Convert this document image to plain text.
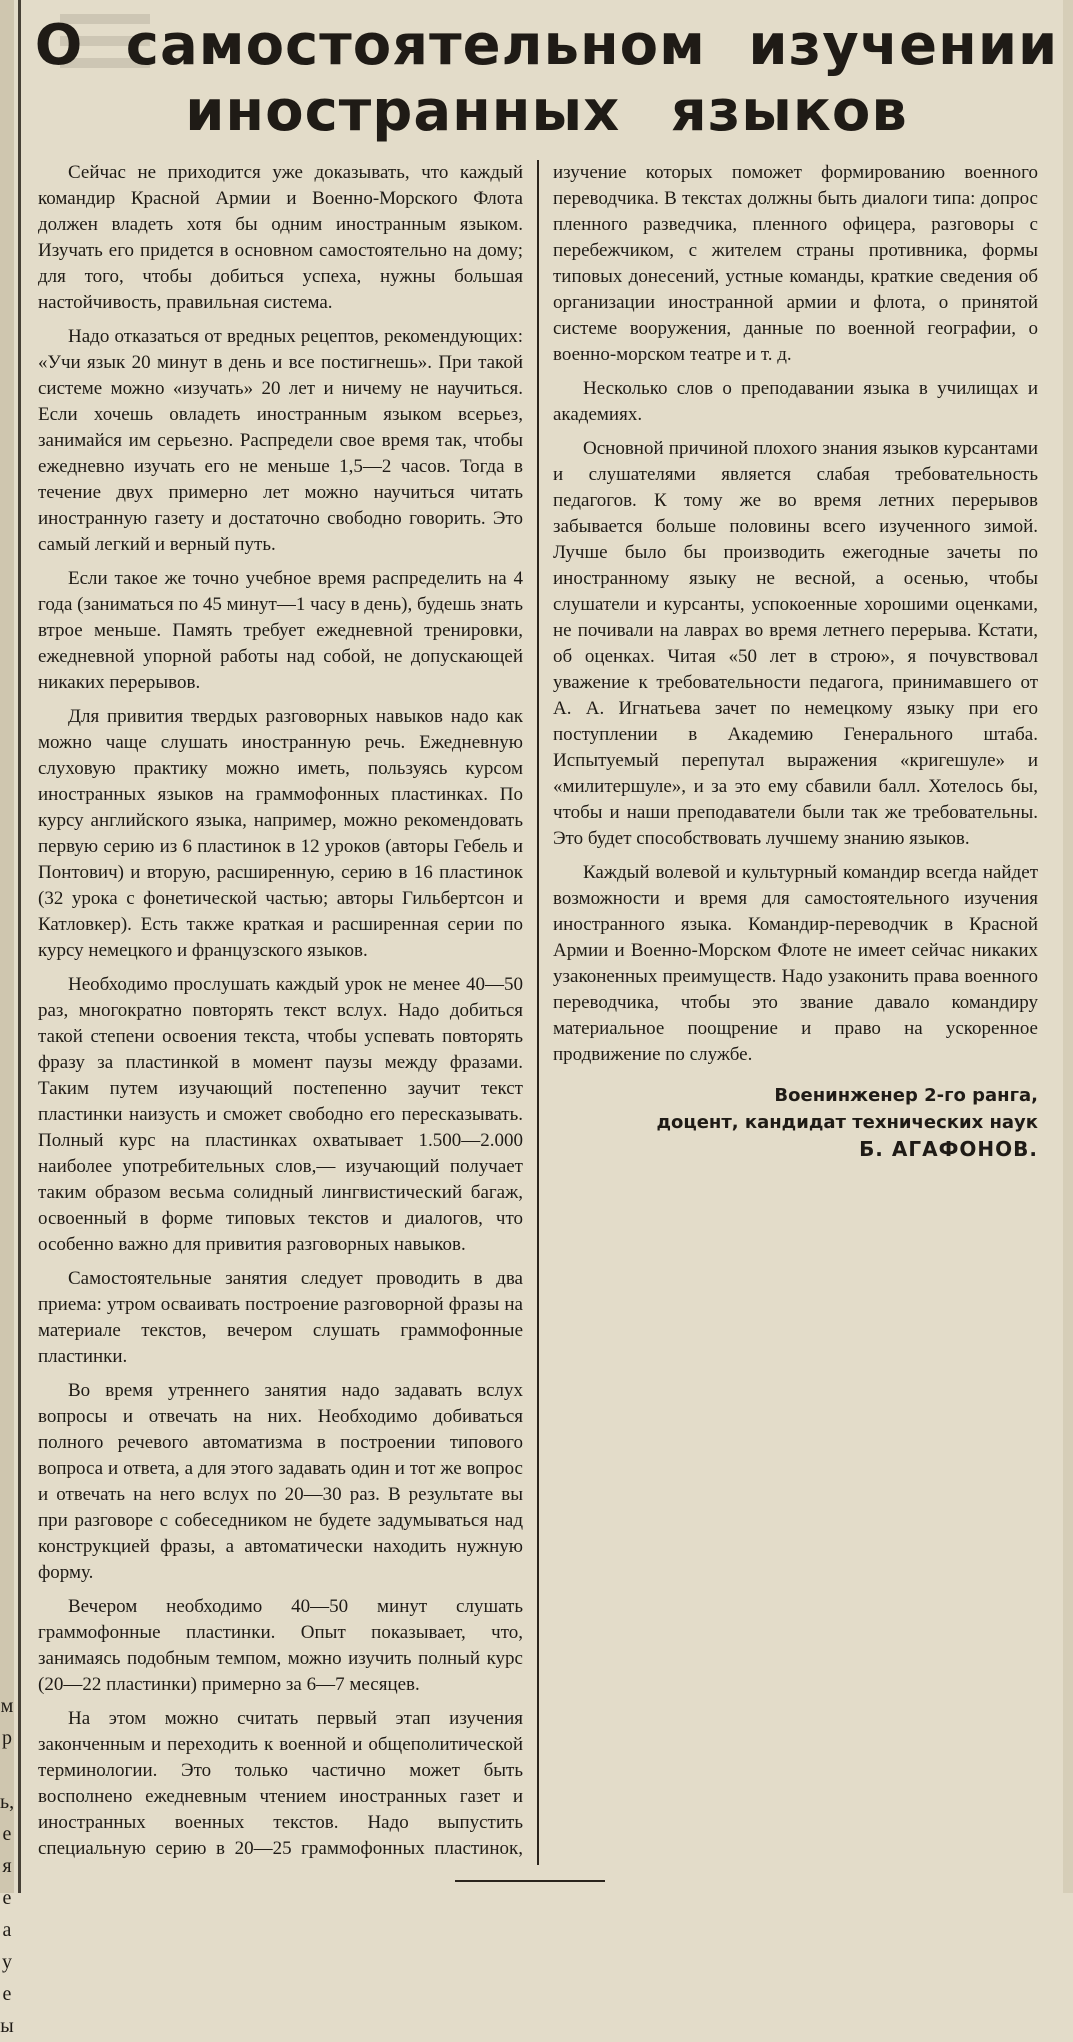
О самостоятельном изучении
иностранных языков

Сейчас не приходится уже доказывать, что каждый командир Красной Армии и Военно-Морского Флота должен владеть хотя бы одним иностранным языком. Изучать его придется в основном самостоятельно на дому; для того, чтобы добиться успеха, нужны большая настойчивость, правильная система.

Надо отказаться от вредных рецептов, рекомендующих: «Учи язык 20 минут в день и все постигнешь». При такой системе можно «изучать» 20 лет и ничему не научиться. Если хочешь овладеть иностранным языком всерьез, занимайся им серьезно. Распредели свое время так, чтобы ежедневно изучать его не меньше 1,5—2 часов. Тогда в течение двух примерно лет можно научиться читать иностранную газету и достаточно свободно говорить. Это самый легкий и верный путь.

Если такое же точно учебное время распределить на 4 года (заниматься по 45 минут—1 часу в день), будешь знать втрое меньше. Память требует ежедневной тренировки, ежедневной упорной работы над собой, не допускающей никаких перерывов.

Для привития твердых разговорных навыков надо как можно чаще слушать иностранную речь. Ежедневную слуховую практику можно иметь, пользуясь курсом иностранных языков на граммофонных пластинках. По курсу английского языка, например, можно рекомендовать первую серию из 6 пластинок в 12 уроков (авторы Гебель и Понтович) и вторую, расширенную, серию в 16 пластинок (32 урока с фонетической частью; авторы Гильбертсон и Катловкер). Есть также краткая и расширенная серии по курсу немецкого и французского языков.

Необходимо прослушать каждый урок не менее 40—50 раз, многократно повторять текст вслух. Надо добиться такой степени освоения текста, чтобы успевать повторять фразу за пластинкой в момент паузы между фразами. Таким путем изучающий постепенно заучит текст пластинки наизусть и сможет свободно его пересказывать. Полный курс на пластинках охватывает 1.500—2.000 наиболее употребительных слов,— изучающий получает таким образом весьма солидный лингвистический багаж, освоенный в форме типовых текстов и диалогов, что особенно важно для привития разговорных навыков.

Самостоятельные занятия следует проводить в два приема: утром осваивать построение разговорной фразы на материале текстов, вечером слушать граммофонные пластинки.

Во время утреннего занятия надо задавать вслух вопросы и отвечать на них. Необходимо добиваться полного речевого автоматизма в построении типового вопроса и ответа, а для этого задавать один и тот же вопрос и отвечать на него вслух по 20—30 раз. В результате вы при разговоре с собеседником не будете задумываться над конструкцией фразы, а автоматически находить нужную форму.

Вечером необходимо 40—50 минут слушать граммофонные пластинки. Опыт показывает, что, занимаясь подобным темпом, можно изучить полный курс (20—22 пластинки) примерно за 6—7 месяцев.

На этом можно считать первый этап изучения законченным и переходить к военной и общеполитической терминологии. Это только частично может быть восполнено ежедневным чтением иностранных газет и иностранных военных текстов. Надо выпустить специальную серию в 20—25 граммофонных пластинок, изучение которых поможет формированию военного переводчика. В текстах должны быть диалоги типа: допрос пленного разведчика, пленного офицера, разговоры с перебежчиком, с жителем страны противника, формы типовых донесений, устные команды, краткие сведения об организации иностранной армии и флота, о принятой системе вооружения, данные по военной географии, о военно-морском театре и т. д.

Несколько слов о преподавании языка в училищах и академиях.

Основной причиной плохого знания языков курсантами и слушателями является слабая требовательность педагогов. К тому же во время летних перерывов забывается больше половины всего изученного зимой. Лучше было бы производить ежегодные зачеты по иностранному языку не весной, а осенью, чтобы слушатели и курсанты, успокоенные хорошими оценками, не почивали на лаврах во время летнего перерыва. Кстати, об оценках. Читая «50 лет в строю», я почувствовал уважение к требовательности педагога, принимавшего от А. А. Игнатьева зачет по немецкому языку при его поступлении в Академию Генерального штаба. Испытуемый перепутал выражения «кригешуле» и «милитершуле», и за это ему сбавили балл. Хотелось бы, чтобы и наши преподаватели были так же требовательны. Это будет способствовать лучшему знанию языков.

Каждый волевой и культурный командир всегда найдет возможности и время для самостоятельного изучения иностранного языка. Командир-переводчик в Красной Армии и Военно-Морском Флоте не имеет сейчас никаких узаконенных преимуществ. Надо узаконить права военного переводчика, чтобы это звание давало командиру материальное поощрение и право на ускоренное продвижение по службе.

Военинженер 2-го ранга,
доцент, кандидат технических наук
Б. АГАФОНОВ.
м
р

ь,
е
я
е
а
у
е
ы
